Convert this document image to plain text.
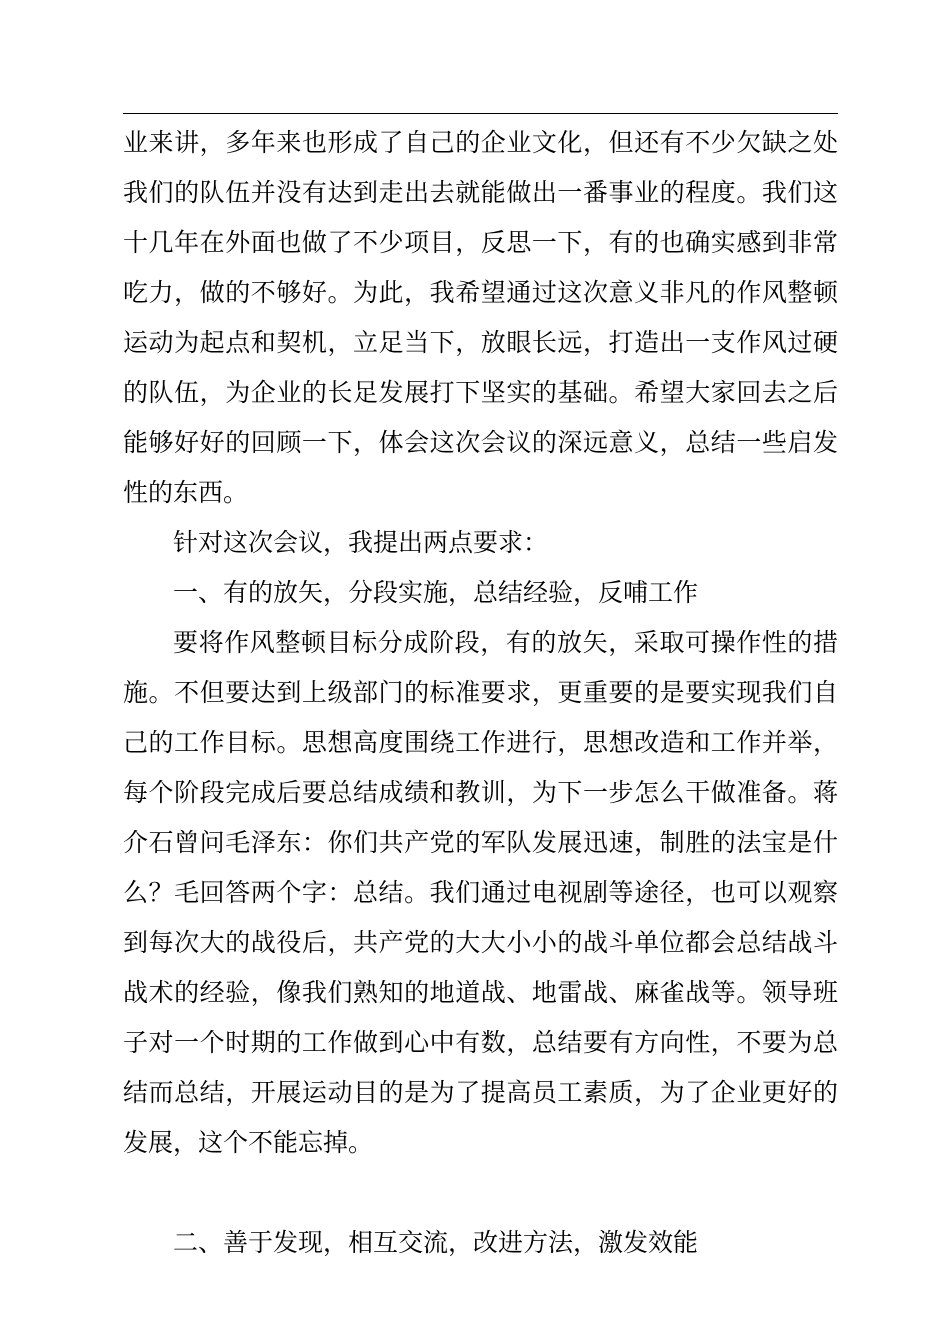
业来讲，多年来也形成了自己的企业文化，但还有不少欠缺之处
我们的队伍并没有达到走出去就能做出一番事业的程度。我们这
十几年在外面也做了不少项目，反思一下，有的也确实感到非常
吃力，做的不够好。为此，我希望通过这次意义非凡的作风整顿
运动为起点和契机，立足当下，放眼长远，打造出一支作风过硬
的队伍，为企业的长足发展打下坚实的基础。希望大家回去之后
能够好好的回顾一下，体会这次会议的深远意义，总结一些启发
性的东西。
针对这次会议，我提出两点要求：
一、有的放矢，分段实施，总结经验，反哺工作
要将作风整顿目标分成阶段，有的放矢，采取可操作性的措
施。不但要达到上级部门的标准要求，更重要的是要实现我们自
己的工作目标。思想高度围绕工作进行，思想改造和工作并举，
每个阶段完成后要总结成绩和教训，为下一步怎么干做准备。蒋
介石曾问毛泽东：你们共产党的军队发展迅速，制胜的法宝是什
么？毛回答两个字：总结。我们通过电视剧等途径，也可以观察
到每次大的战役后，共产党的大大小小的战斗单位都会总结战斗
战术的经验，像我们熟知的地道战、地雷战、麻雀战等。领导班
子对一个时期的工作做到心中有数，总结要有方向性，不要为总
结而总结，开展运动目的是为了提高员工素质，为了企业更好的
发展，这个不能忘掉。
二、善于发现，相互交流，改进方法，激发效能
